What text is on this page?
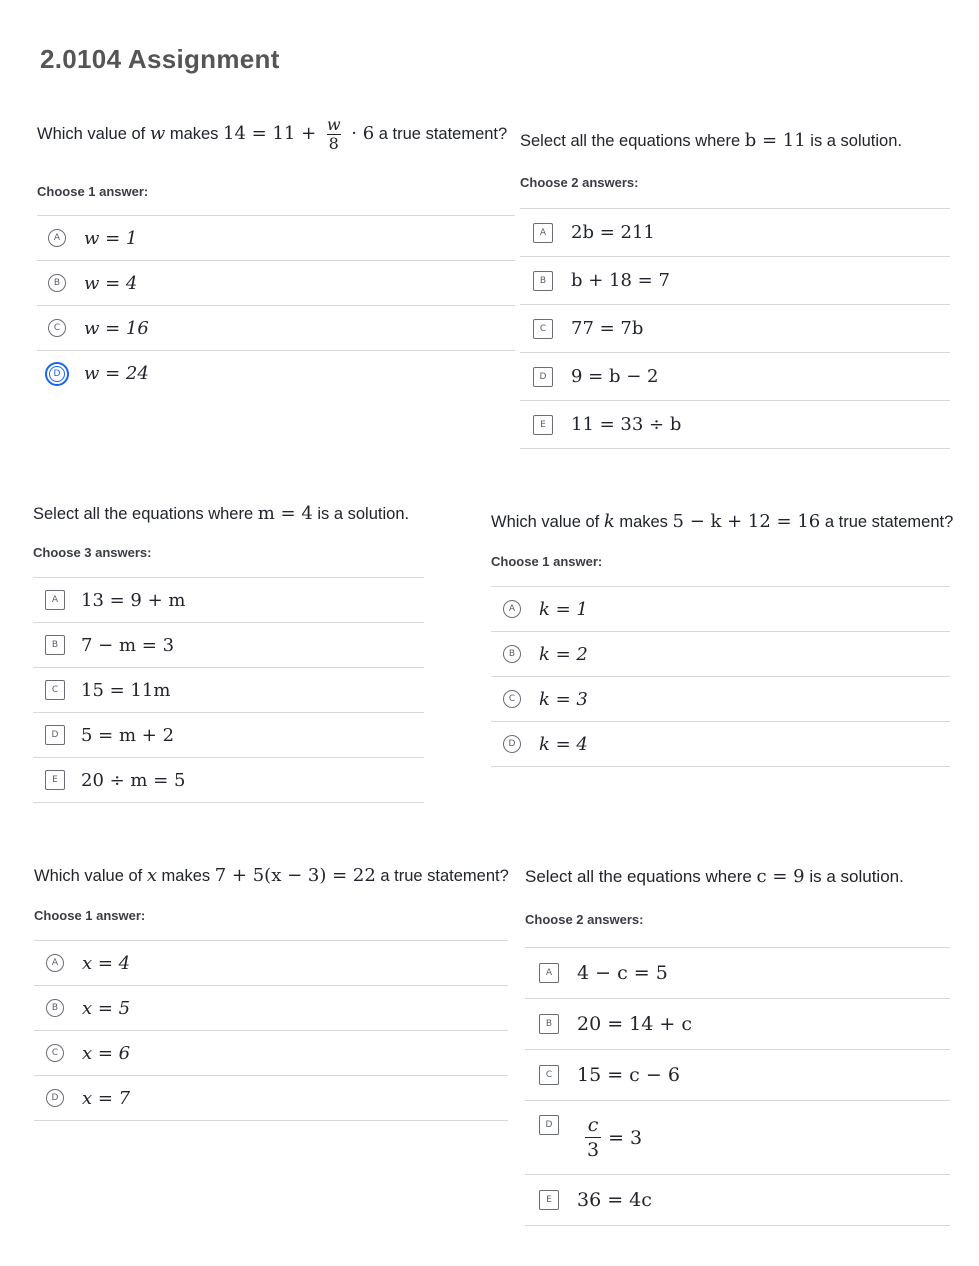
2.0104 Assignment
Which value of w makes $14 = 11 + \frac{w}{8} \cdot 6$ a true statement?
Choose 1 answer:
A	w = 1
B	w = 4
C	w = 16
D w = 24
Select all the equations where b = 11 is a solution.
Choose 2 answers:
A	2b = 211
B	b + 18 = 7
C	77 = 7b
D	9 = b − 2
E	11 = 33 ÷ b
Select all the equations where m = 4 is a solution.
Choose 3 answers:
A	13 = 9 + m
B	7 − m = 3
C	15 = 11m
D	5 = m + 2
E	20 ÷ m = 5
Which value of k makes 5 − k + 12 = 16 a true statement?
Choose 1 answer:
A	k = 1
B	k = 2
C	k = 3
D	k = 4
Which value of x makes 7 + 5(x − 3) = 22 a true statement?
Choose 1 answer:
A	x = 4
B	x = 5
C	x = 6
D	x = 7
Select all the equations where c = 9 is a solution.
Choose 2 answers:
A	4 − c = 5
B	20 = 14 + c
C	15 = c − 6
D	$\frac{c}{3} = 3$
E	36 = 4c
